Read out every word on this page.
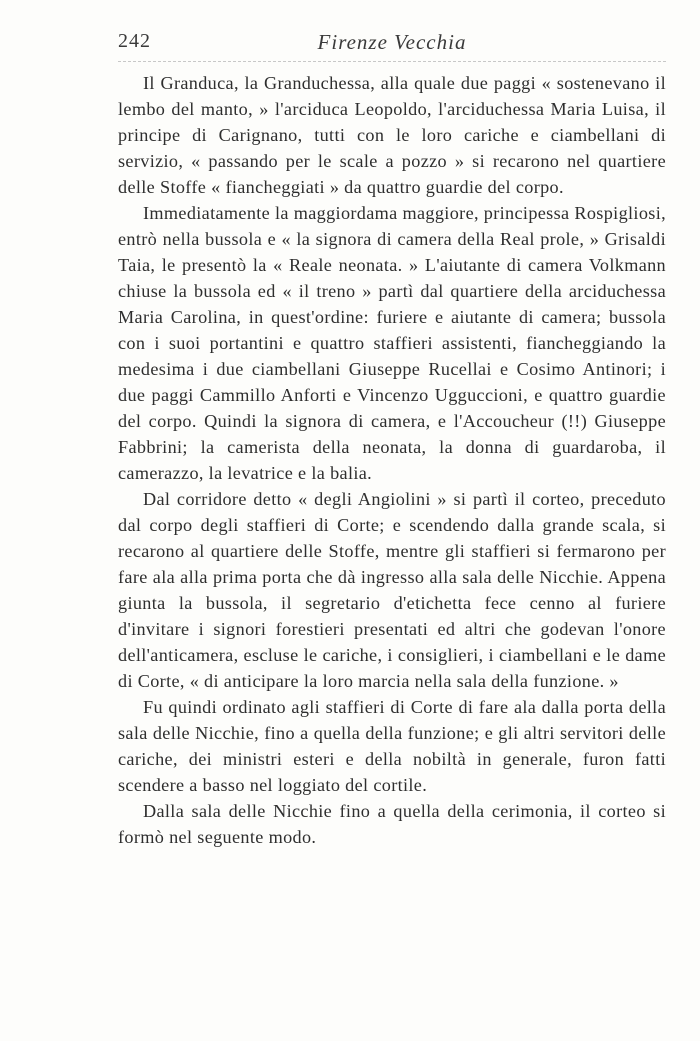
242	Firenze Vecchia

Il Granduca, la Granduchessa, alla quale due paggi « sostenevano il lembo del manto, » l'arciduca Leopoldo, l'arciduchessa Maria Luisa, il principe di Carignano, tutti con le loro cariche e ciambellani di servizio, « passando per le scale a pozzo » si recarono nel quartiere delle Stoffe « fiancheggiati » da quattro guardie del corpo.

Immediatamente la maggiordama maggiore, principessa Rospigliosi, entrò nella bussola e « la signora di camera della Real prole, » Grisaldi Taia, le presentò la « Reale neonata. » L'aiutante di camera Volkmann chiuse la bussola ed « il treno » partì dal quartiere della arciduchessa Maria Carolina, in quest'ordine: furiere e aiutante di camera; bussola con i suoi portantini e quattro staffieri assistenti, fiancheggiando la medesima i due ciambellani Giuseppe Rucellai e Cosimo Antinori; i due paggi Cammillo Anforti e Vincenzo Ugguccioni, e quattro guardie del corpo. Quindi la signora di camera, e l'Accoucheur (!!) Giuseppe Fabbrini; la camerista della neonata, la donna di guardaroba, il camerazzo, la levatrice e la balia.

Dal corridore detto « degli Angiolini » si partì il corteo, preceduto dal corpo degli staffieri di Corte; e scendendo dalla grande scala, si recarono al quartiere delle Stoffe, mentre gli staffieri si fermarono per fare ala alla prima porta che dà ingresso alla sala delle Nicchie. Appena giunta la bussola, il segretario d'etichetta fece cenno al furiere d'invitare i signori forestieri presentati ed altri che godevan l'onore dell'anticamera, escluse le cariche, i consiglieri, i ciambellani e le dame di Corte, « di anticipare la loro marcia nella sala della funzione. »

Fu quindi ordinato agli staffieri di Corte di fare ala dalla porta della sala delle Nicchie, fino a quella della funzione; e gli altri servitori delle cariche, dei ministri esteri e della nobiltà in generale, furon fatti scendere a basso nel loggiato del cortile.

Dalla sala delle Nicchie fino a quella della cerimonia, il corteo si formò nel seguente modo.
